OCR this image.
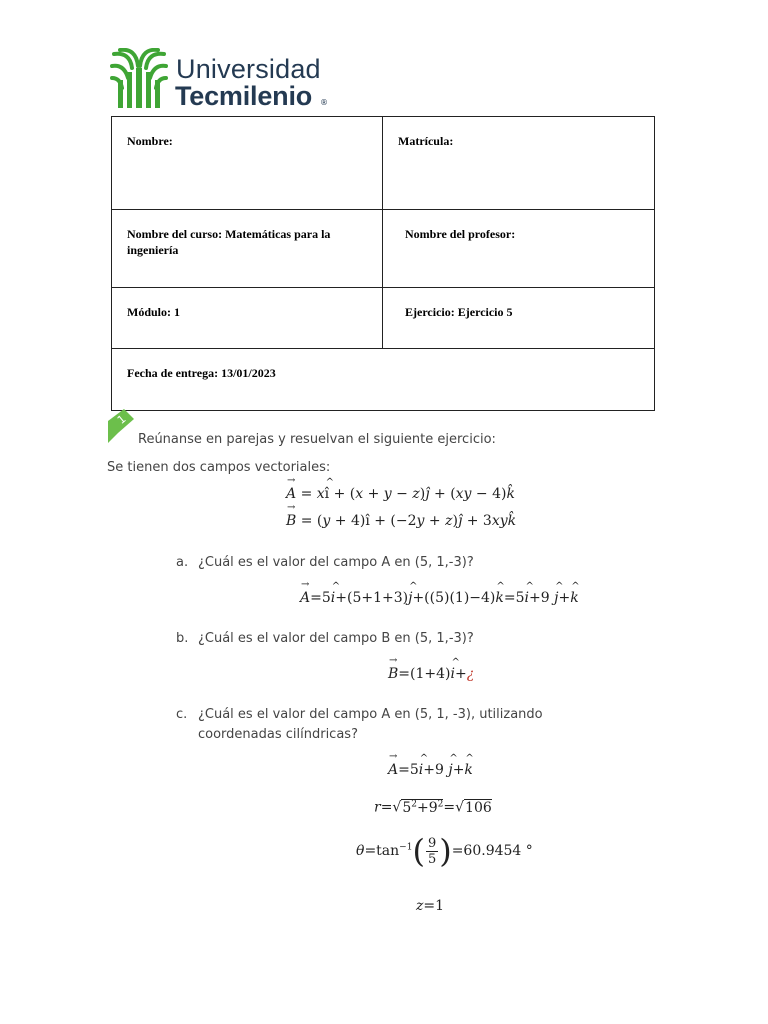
Universidad
Tecmilenio ®
Nombre:	Matrícula:
Nombre del curso: Matemáticas para la ingeniería	Nombre del profesor:
Módulo: 1	Ejercicio: Ejercicio 5
Fecha de entrega: 13/01/2023	
1

Reúnanse en parejas y resuelvan el siguiente ejercicio:

Se tienen dos campos vectoriales:

→ A = x^ î + (x + y − z)ĵ + (xy − 4)k̂
→ B = (y + 4)î + (−2y + z)ĵ + 3xyk̂
a. ¿Cuál es el valor del campo A en (5, 1,-3)?
→ A=5^ i+(5+1+3)^ j+((5)(1)−4)^ k=5^ i+9 ^ j+^ k
b. ¿Cuál es el valor del campo B en (5, 1,-3)?
→ B=(1+4)^ i+¿
c. ¿Cuál es el valor del campo A en (5, 1, -3), utilizando coordenadas cilíndricas?
→ A=5^ i+9 ^ j+^ k
$r=√5^2+9^2=√106$
$\theta=\tan^{-1}( \frac{9}{5} )=60.9454$ °
z=1
